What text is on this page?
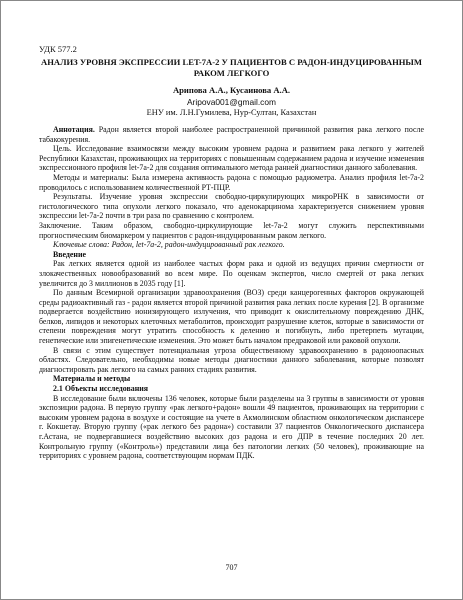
УДК 577.2
АНАЛИЗ УРОВНЯ ЭКСПРЕССИИ LET-7A-2 У ПАЦИЕНТОВ С РАДОН-ИНДУЦИРОВАННЫМ РАКОМ ЛЕГКОГО
Арипова А.А., Кусаинова А.А.
Aripova001@gmail.com
ЕНУ им. Л.Н.Гумилева, Нур-Султан, Казахстан

Аннотация. Радон является второй наиболее распространенной причинной развития рака легкого после табакокурения.

Цель. Исследование взаимосвязи между высоким уровнем радона и развитием рака легкого у жителей Республики Казахстан, проживающих на территориях с повышенным содержанием радона и изучение изменения экспрессионного профиля let-7a-2 для создания оптимального метода ранней диагностики данного заболевания.

Методы и материалы: Была измерена активность радона с помощью радиометра. Анализ профиля let-7a-2 проводилось с использованием количественной РТ-ПЦР.

Результаты. Изучение уровня экспрессии свободно-циркулирующих микроРНК в зависимости от гистологического типа опухоли легкого показало, что аденокарцинома характеризуется снижением уровня экспрессии let-7a-2 почти в три раза по сравнению с контролем.

Заключение. Таким образом, свободно-циркулирующие let-7a-2 могут служить перспективными прогностическим биомаркером у пациентов с радон-индуцированным раком легкого.

Ключевые слова: Радон, let-7a-2, радон-индуцированный рак легкого.

Введение

Рак легких является одной из наиболее частых форм рака и одной из ведущих причин смертности от злокачественных новообразований во всем мире. По оценкам экспертов, число смертей от рака легких увеличится до 3 миллионов в 2035 году [1].

По данным Всемирной организации здравоохранения (ВОЗ) среди канцерогенных факторов окружающей среды радиоактивный газ - радон является второй причиной развития рака легких после курения [2]. В организме подвергается воздействию ионизирующего излучения, что приводит к окислительному повреждению ДНК, белков, липидов и некоторых клеточных метаболитов, происходит разрушение клеток, которые в зависимости от степени повреждения могут утратить способность к делению и погибнуть, либо претерпеть мутации, генетические или эпигенетические изменения. Это может быть началом предраковой или раковой опухоли.

В связи с этим существует потенциальная угроза общественному здравоохранению в радоноопасных областях. Следовательно, необходимы новые методы диагностики данного заболевания, которые позволят диагностировать рак легкого на самых ранних стадиях развития.

Материалы и методы

2.1 Объекты исследования

В исследование были включены 136 человек, которые были разделены на 3 группы в зависимости от уровня экспозиции радона. В первую группу «рак легкого+радон» вошли 49 пациентов, проживающих на территории с высоким уровнем радона в воздухе и состоящие на учете в Акмолинском областном онкологическом диспансере г. Кокшетау. Вторую группу («рак легкого без радона») составили 37 пациентов Онкологического диспансера г.Астана, не подвергавшиеся воздействию высоких доз радона и его ДПР в течение последних 20 лет. Контрольную группу («Контроль») представили лица без патологии легких (50 человек), проживающие на территориях с уровнем радона, соответствующим нормам ПДК.

707
